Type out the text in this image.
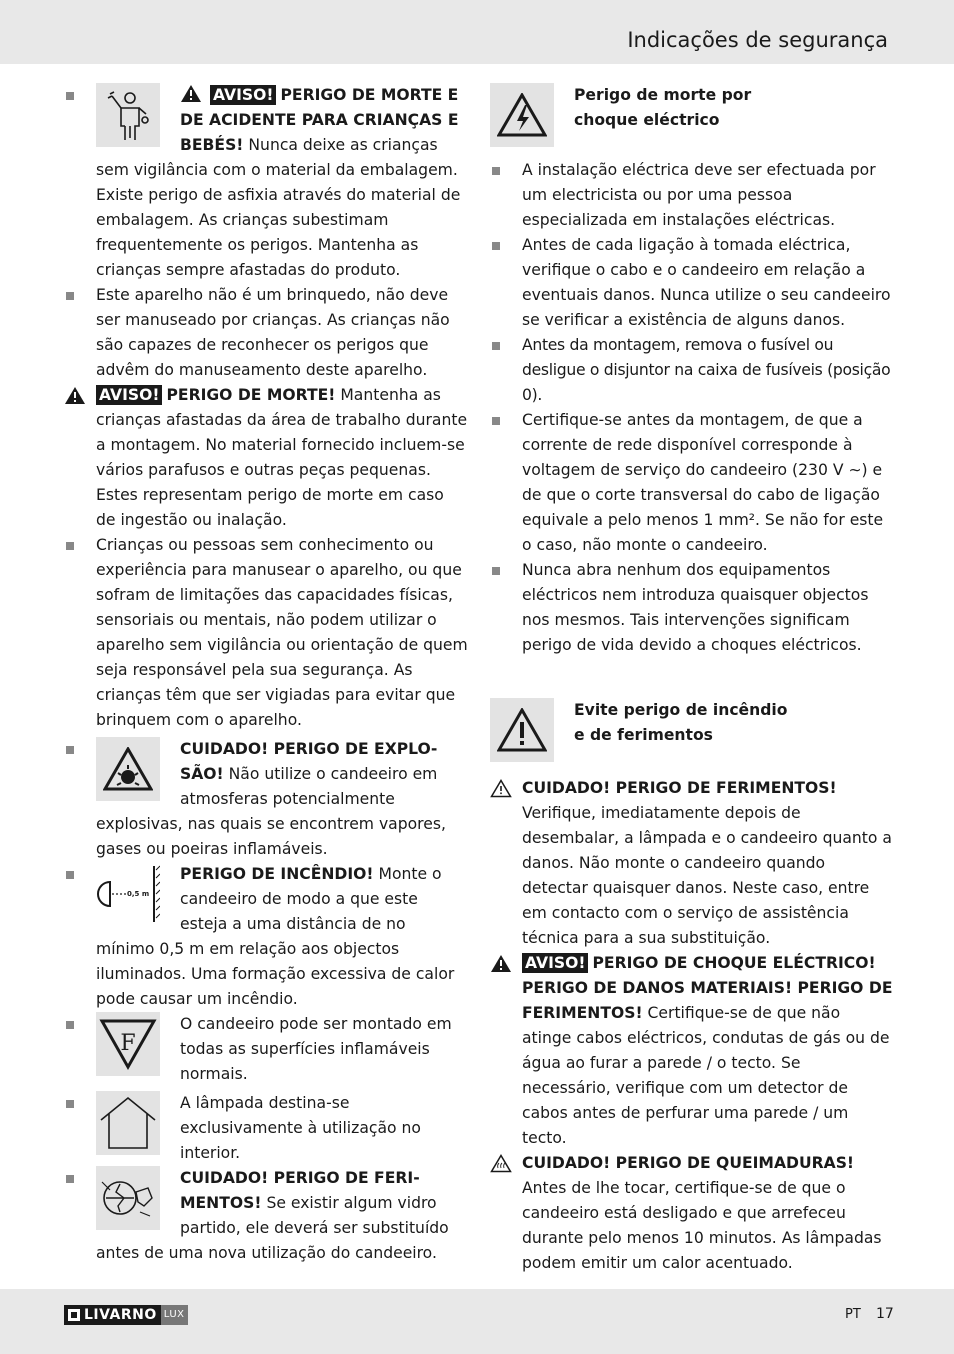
Indicações de segurança
AVISO! PERIGO DE MORTE E DE ACIDENTE PARA CRIANÇAS E BEBÉS! Nunca deixe as crianças sem vigilância com o material da embalagem. Existe perigo de asfixia através do material de embalagem. As crianças subestimam frequentemente os perigos. Mantenha as crianças sempre afastadas do produto.
Este aparelho não é um brinquedo, não deve ser manuseado por crianças. As crianças não são capazes de reconhecer os perigos que advêm do manuseamento deste aparelho.
AVISO! PERIGO DE MORTE! Mantenha as crianças afastadas da área de trabalho durante a montagem. No material fornecido incluem-se vários parafusos e outras peças pequenas. Estes representam perigo de morte em caso de ingestão ou inalação.
Crianças ou pessoas sem conhecimento ou experiência para manusear o aparelho, ou que sofram de limitações das capacidades físicas, sensoriais ou mentais, não podem utilizar o aparelho sem vigilância ou orientação de quem seja responsável pela sua segurança. As crianças têm que ser vigiadas para evitar que brinquem com o aparelho.
CUIDADO! PERIGO DE EXPLOSÃO! Não utilize o candeeiro em atmosferas potencialmente explosivas, nas quais se encontrem vapores, gases ou poeiras inflamáveis.
0,5 m
PERIGO DE INCÊNDIO! Monte o candeeiro de modo a que este esteja a uma distância de no mínimo 0,5 m em relação aos objectos iluminados. Uma formação excessiva de calor pode causar um incêndio.
F
O candeeiro pode ser montado em todas as superfícies inflamáveis normais.
A lâmpada destina-se exclusivamente à utilização no interior.
CUIDADO! PERIGO DE FERIMENTOS! Se existir algum vidro partido, ele deverá ser substituído antes de uma nova utilização do candeeiro.
Perigo de morte por
choque eléctrico
A instalação eléctrica deve ser efectuada por um electricista ou por uma pessoa especializada em instalações eléctricas.
Antes de cada ligação à tomada eléctrica, verifique o cabo e o candeeiro em relação a eventuais danos. Nunca utilize o seu candeeiro se verificar a existência de alguns danos.
Antes da montagem, remova o fusível ou desligue o disjuntor na caixa de fusíveis (posição 0).
Certifique-se antes da montagem, de que a corrente de rede disponível corresponde à voltagem de serviço do candeeiro (230 V ∼) e de que o corte transversal do cabo de ligação equivale a pelo menos 1 mm². Se não for este o caso, não monte o candeeiro.
Nunca abra nenhum dos equipamentos eléctricos nem introduza quaisquer objectos nos mesmos. Tais intervenções significam perigo de vida devido a choques eléctricos.
Evite perigo de incêndio
e de ferimentos
CUIDADO! PERIGO DE FERIMENTOS!
Verifique, imediatamente depois de desembalar, a lâmpada e o candeeiro quanto a danos. Não monte o candeeiro quando detectar quaisquer danos. Neste caso, entre em contacto com o serviço de assistência técnica para a sua substituição.
AVISO! PERIGO DE CHOQUE ELÉCTRICO! PERIGO DE DANOS MATERIAIS! PERIGO DE FERIMENTOS! Certifique-se de que não atinge cabos eléctricos, condutas de gás ou de água ao furar a parede / o tecto. Se necessário, verifique com um detector de cabos antes de perfurar uma parede / um tecto.
CUIDADO! PERIGO DE QUEIMADURAS!
Antes de lhe tocar, certifique-se de que o candeeiro está desligado e que arrefeceu durante pelo menos 10 minutos. As lâmpadas podem emitir um calor acentuado.
LIVARNO LUX	PT 17
